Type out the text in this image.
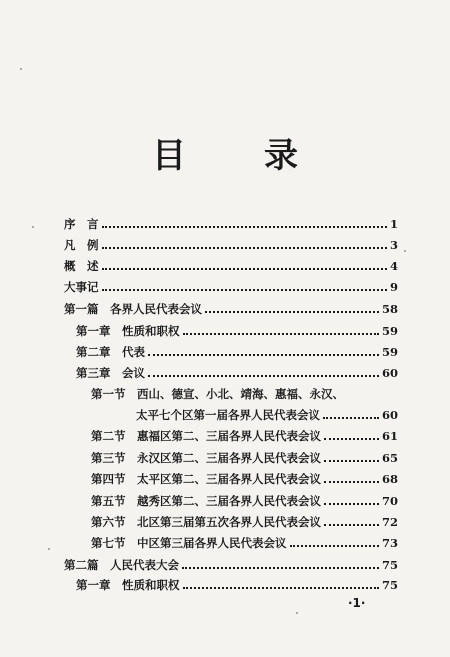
目 录
序　言	1
凡　例	3
概　述	4
大事记	9
第一篇　各界人民代表会议	58
第一章　性质和职权	59
第二章　代表	59
第三章　会议	60
第一节　西山、德宣、小北、靖海、惠福、永汉、
太平七个区第一届各界人民代表会议	60
第二节　惠福区第二、三届各界人民代表会议	61
第三节　永汉区第二、三届各界人民代表会议	65
第四节　太平区第二、三届各界人民代表会议	68
第五节　越秀区第二、三届各界人民代表会议	70
第六节　北区第三届第五次各界人民代表会议	72
第七节　中区第三届各界人民代表会议	73
第二篇　人民代表大会	75
第一章　性质和职权	75
·1·
